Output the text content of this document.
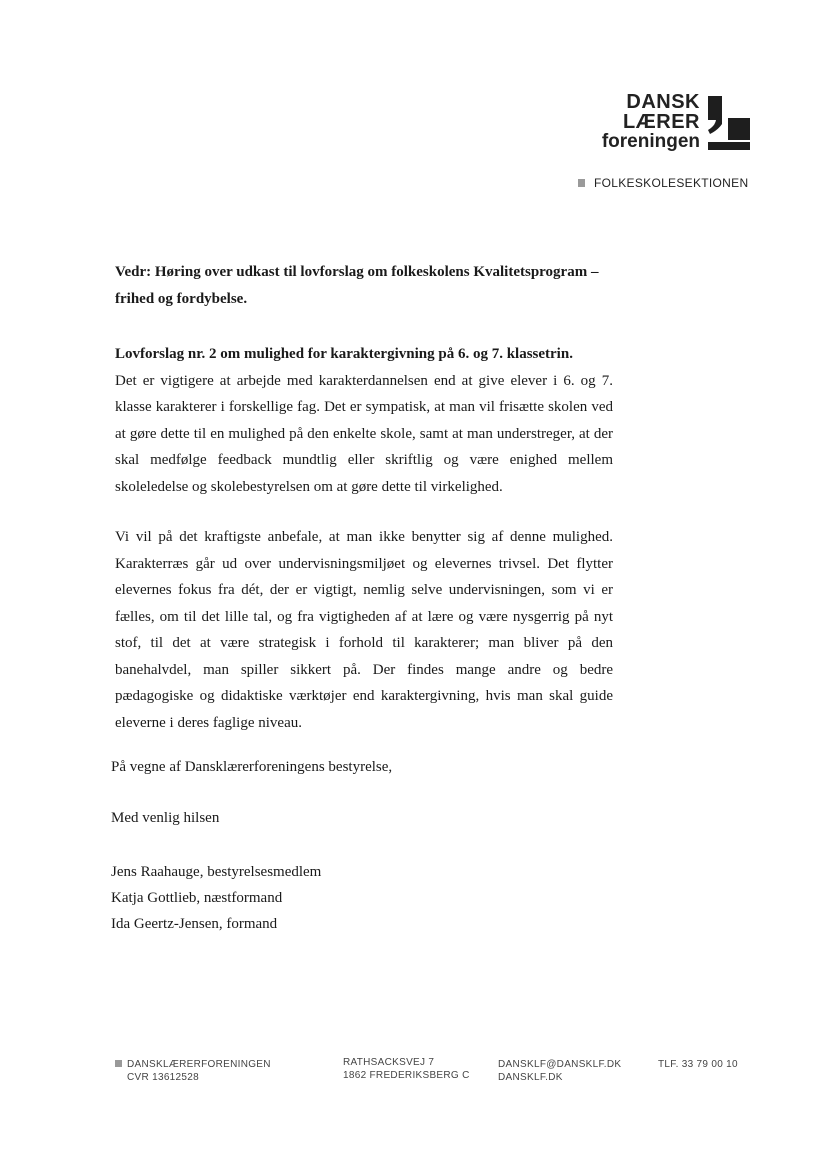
DANSK
LÆRER
foreningen
FOLKESKOLESEKTIONEN
Vedr: Høring over udkast til lovforslag om folkeskolens Kvalitetsprogram – frihed og fordybelse.
Lovforslag nr. 2 om mulighed for karaktergivning på 6. og 7. klassetrin.

Det er vigtigere at arbejde med karakterdannelsen end at give elever i 6. og 7. klasse karakterer i forskellige fag. Det er sympatisk, at man vil frisætte skolen ved at gøre dette til en mulighed på den enkelte skole, samt at man understreger, at der skal medfølge feedback mundtlig eller skriftlig og være enighed mellem skoleledelse og skolebestyrelsen om at gøre dette til virkelighed.

Vi vil på det kraftigste anbefale, at man ikke benytter sig af denne mulighed. Karakterræs går ud over undervisningsmiljøet og elevernes trivsel. Det flytter elevernes fokus fra dét, der er vigtigt, nemlig selve undervisningen, som vi er fælles, om til det lille tal, og fra vigtigheden af at lære og være nysgerrig på nyt stof, til det at være strategisk i forhold til karakterer; man bliver på den banehalvdel, man spiller sikkert på. Der findes mange andre og bedre pædagogiske og didaktiske værktøjer end karaktergivning, hvis man skal guide eleverne i deres faglige niveau.

På vegne af Dansklærerforeningens bestyrelse,
Med venlig hilsen
Jens Raahauge, bestyrelsesmedlem
Katja Gottlieb, næstformand
Ida Geertz-Jensen, formand
DANSKLÆRERFORENINGEN
CVR 13612528
RATHSACKSVEJ 7
1862 FREDERIKSBERG C
DANSKLF@DANSKLF.DK
DANSKLF.DK
TLF. 33 79 00 10
